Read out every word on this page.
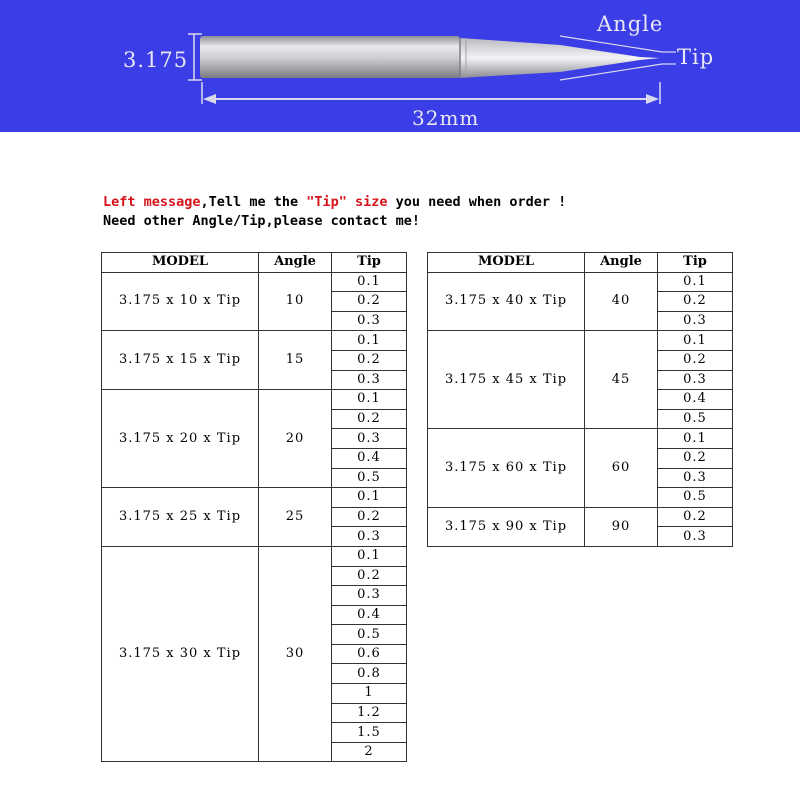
3.175
Angle
Tip
32mm
Left message,Tell me the "Tip" size you need when order !
Need other Angle/Tip,please contact me!
MODEL	Angle	Tip
3.175 x 10 x Tip	10	0.1
		0.2
		0.3
3.175 x 15 x Tip	15	0.1
		0.2
		0.3
3.175 x 20 x Tip	20	0.1
		0.2
		0.3
		0.4
		0.5
3.175 x 25 x Tip	25	0.1
		0.2
		0.3
3.175 x 30 x Tip	30	0.1
		0.2
		0.3
		0.4
		0.5
		0.6
		0.8
		1
		1.2
		1.5
		2
MODEL	Angle	Tip
3.175 x 40 x Tip	40	0.1
		0.2
		0.3
3.175 x 45 x Tip	45	0.1
		0.2
		0.3
		0.4
		0.5
3.175 x 60 x Tip	60	0.1
		0.2
		0.3
		0.5
3.175 x 90 x Tip	90	0.2
		0.3
